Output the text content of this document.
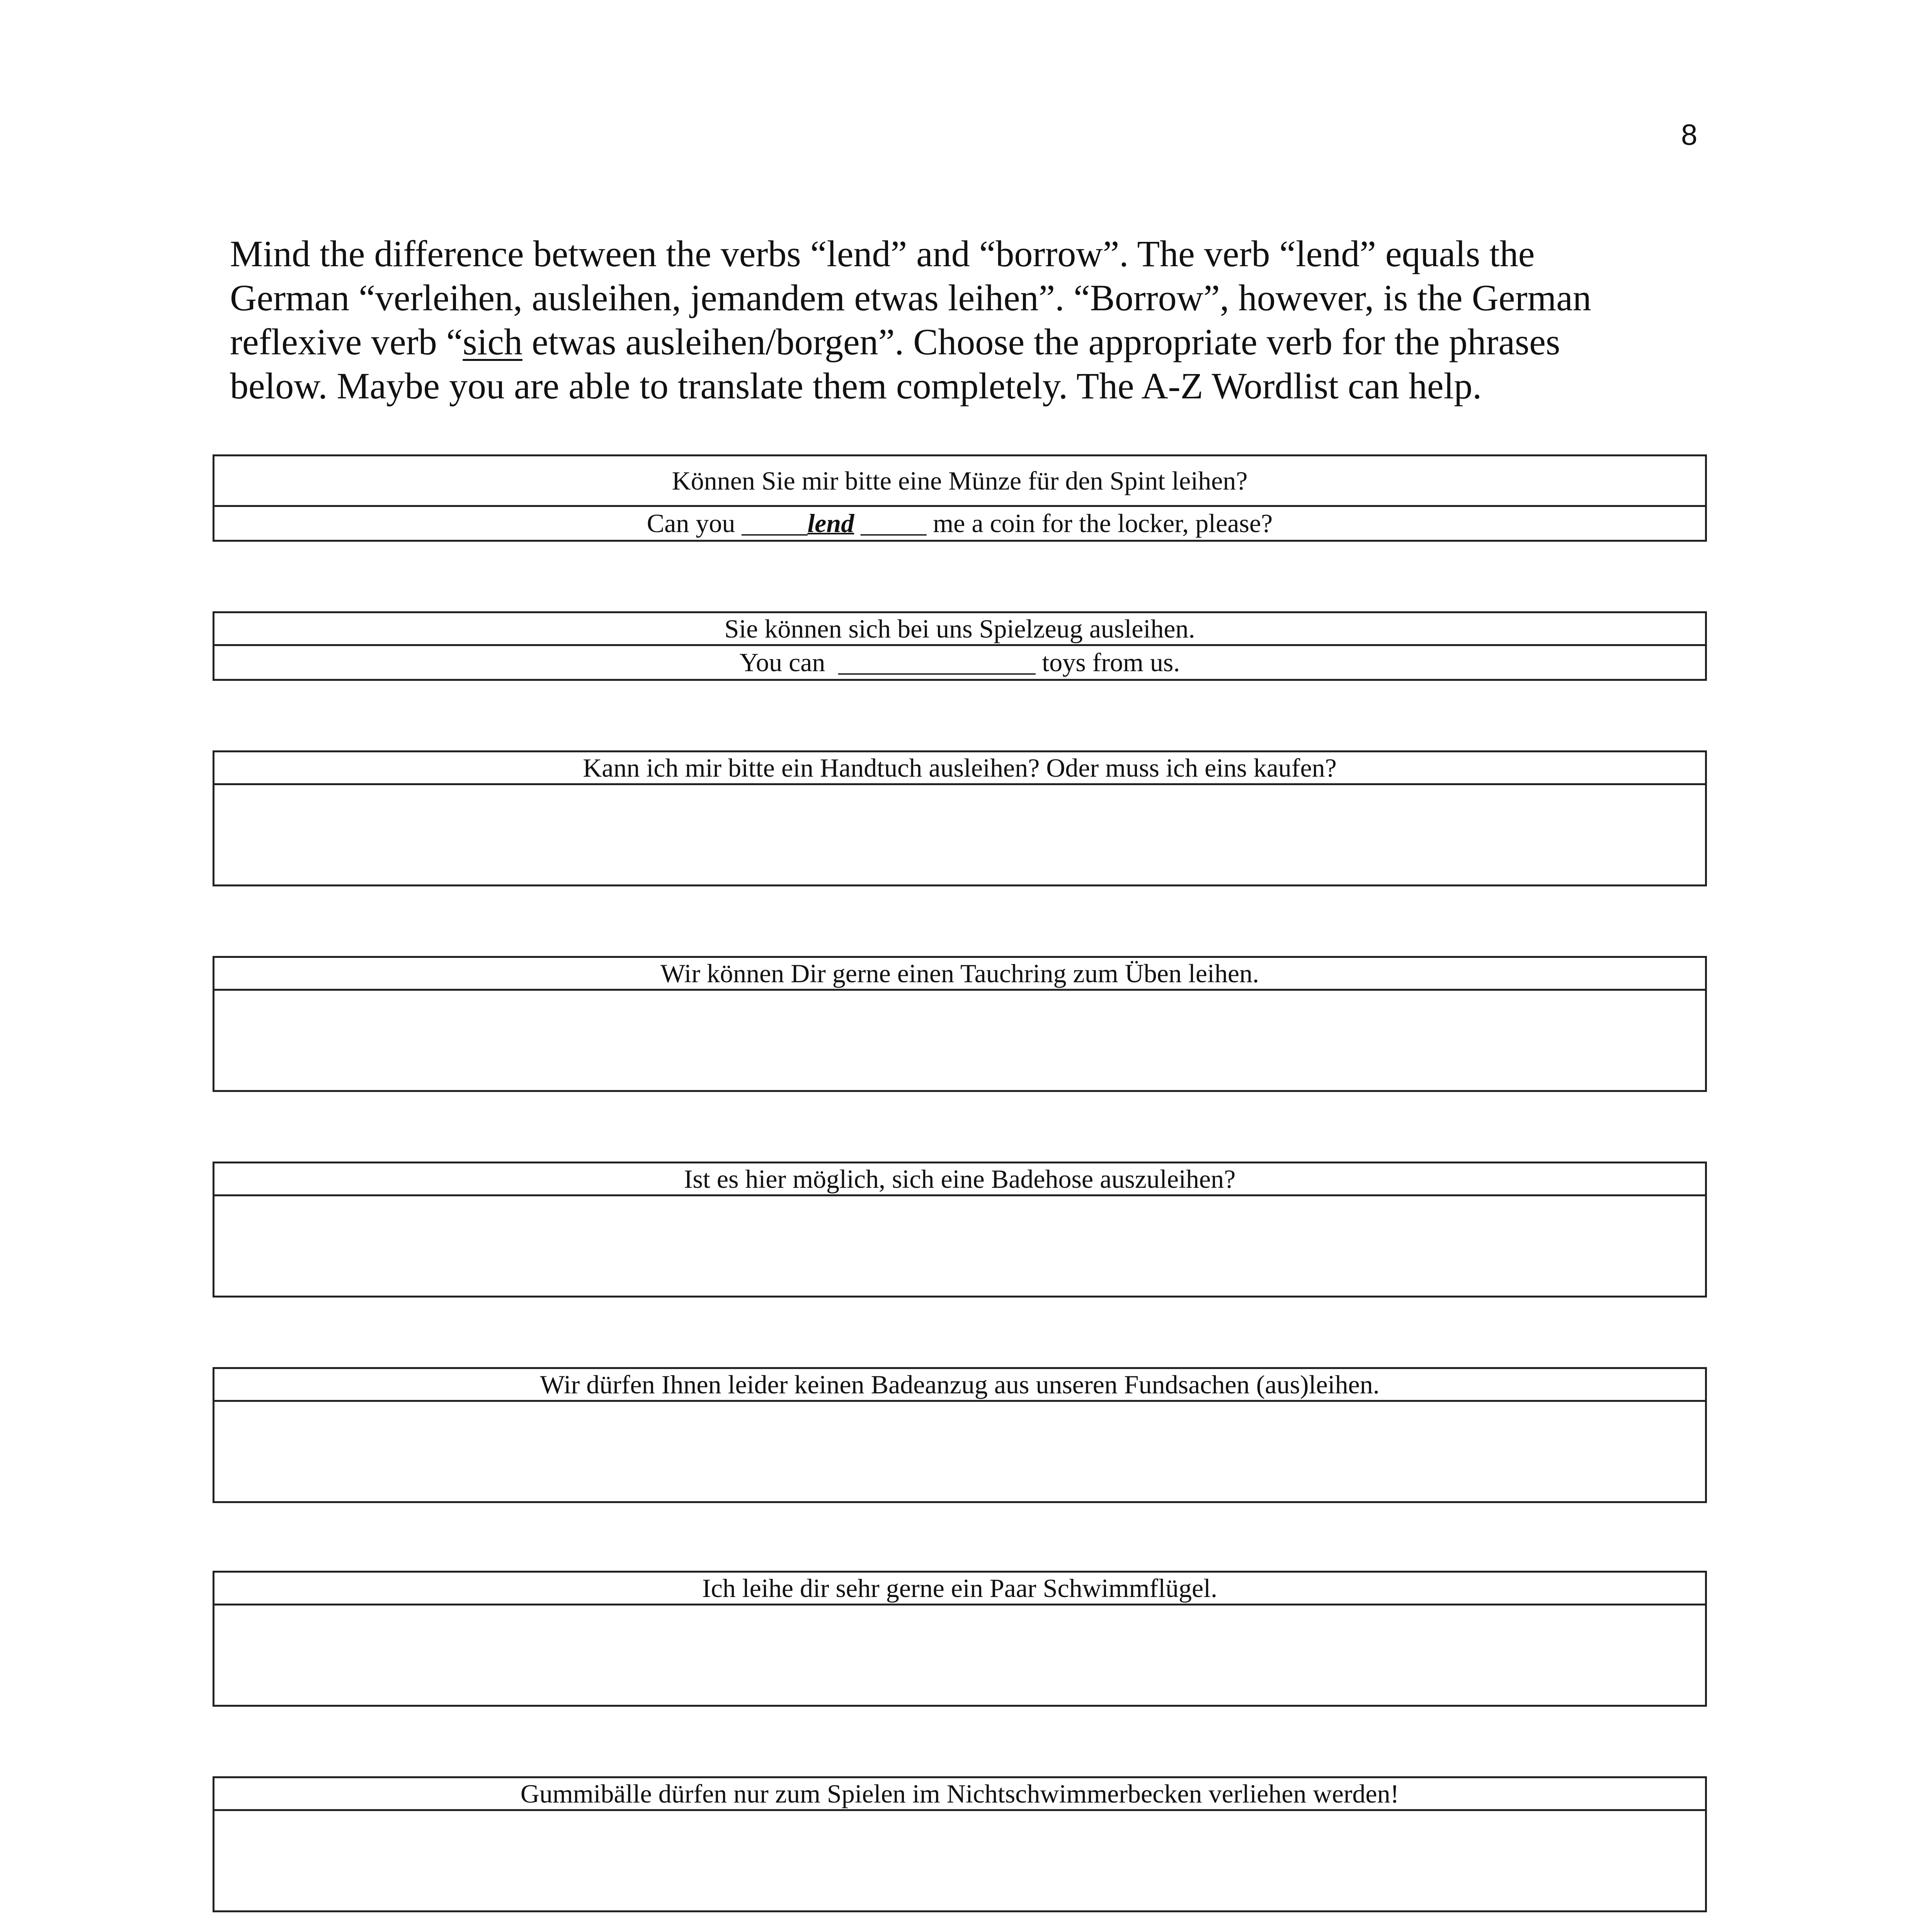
8
Mind the difference between the verbs “lend” and “borrow”. The verb “lend” equals the
German “verleihen, ausleihen, jemandem etwas leihen”. “Borrow”, however, is the German
reflexive verb “sich etwas ausleihen/borgen”. Choose the appropriate verb for the phrases
below. Maybe you are able to translate them completely. The A-Z Wordlist can help.
Können Sie mir bitte eine Münze für den Spint leihen?
Can you _____lend _____ me a coin for the locker, please?
Sie können sich bei uns Spielzeug ausleihen.
You can  _______________ toys from us.
Kann ich mir bitte ein Handtuch ausleihen? Oder muss ich eins kaufen?
Wir können Dir gerne einen Tauchring zum Üben leihen.
Ist es hier möglich, sich eine Badehose auszuleihen?
Wir dürfen Ihnen leider keinen Badeanzug aus unseren Fundsachen (aus)leihen.
Ich leihe dir sehr gerne ein Paar Schwimmflügel.
Gummibälle dürfen nur zum Spielen im Nichtschwimmerbecken verliehen werden!
